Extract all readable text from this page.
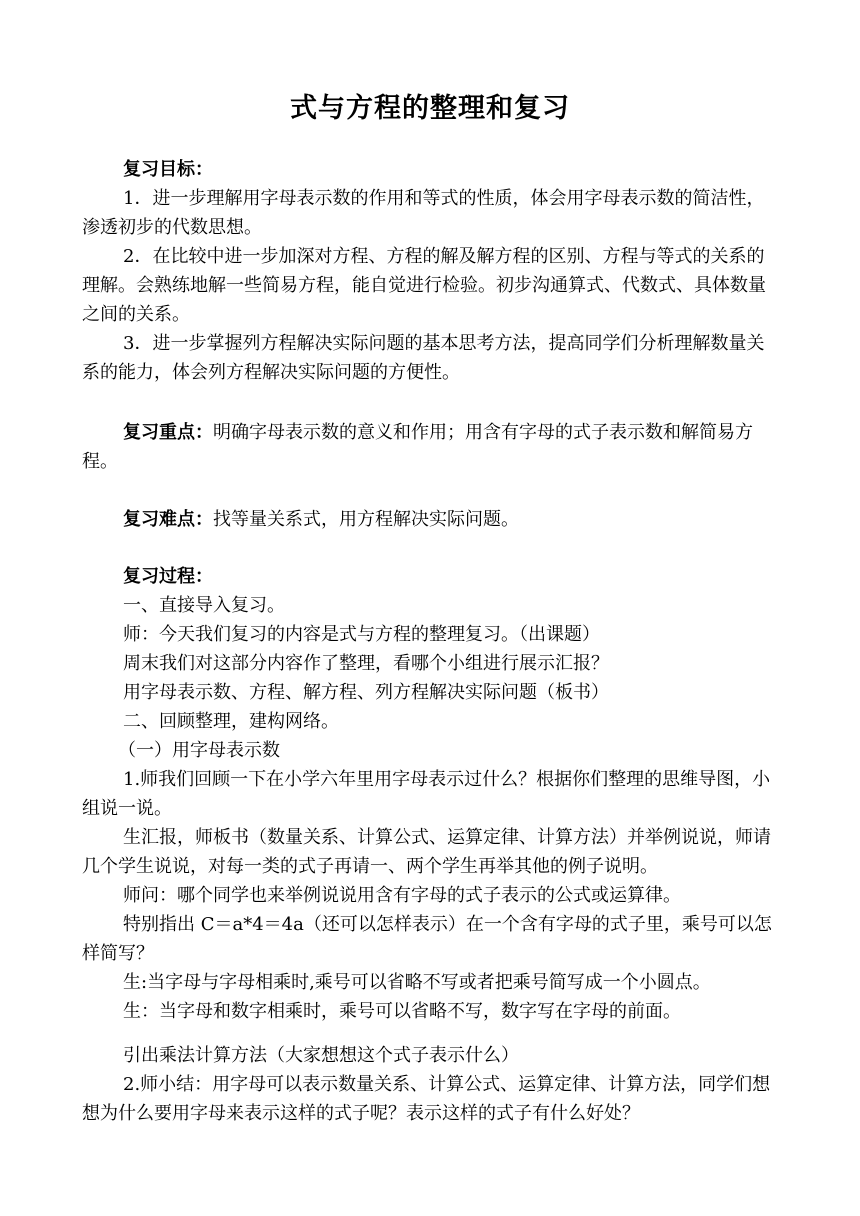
式与方程的整理和复习
复习目标：

1．进一步理解用字母表示数的作用和等式的性质，体会用字母表示数的简洁性，渗透初步的代数思想。

2．在比较中进一步加深对方程、方程的解及解方程的区别、方程与等式的关系的理解。会熟练地解一些简易方程，能自觉进行检验。初步沟通算式、代数式、具体数量之间的关系。

3．进一步掌握列方程解决实际问题的基本思考方法，提高同学们分析理解数量关系的能力，体会列方程解决实际问题的方便性。

复习重点：明确字母表示数的意义和作用；用含有字母的式子表示数和解简易方程。
复习难点：找等量关系式，用方程解决实际问题。

复习过程：

一、直接导入复习。

师：今天我们复习的内容是式与方程的整理复习。（出课题）

周末我们对这部分内容作了整理，看哪个小组进行展示汇报？

用字母表示数、方程、解方程、列方程解决实际问题（板书）

二、回顾整理，建构网络。

（一）用字母表示数

1.师我们回顾一下在小学六年里用字母表示过什么？根据你们整理的思维导图，小组说一说。

生汇报，师板书（数量关系、计算公式、运算定律、计算方法）并举例说说，师请几个学生说说，对每一类的式子再请一、两个学生再举其他的例子说明。

师问：哪个同学也来举例说说用含有字母的式子表示的公式或运算律。

特别指出 C＝a*4＝4a（还可以怎样表示）在一个含有字母的式子里，乘号可以怎样简写？

生:当字母与字母相乘时,乘号可以省略不写或者把乘号简写成一个小圆点。

生：当字母和数字相乘时，乘号可以省略不写，数字写在字母的前面。

引出乘法计算方法（大家想想这个式子表示什么）

2.师小结：用字母可以表示数量关系、计算公式、运算定律、计算方法，同学们想想为什么要用字母来表示这样的式子呢？表示这样的式子有什么好处？
